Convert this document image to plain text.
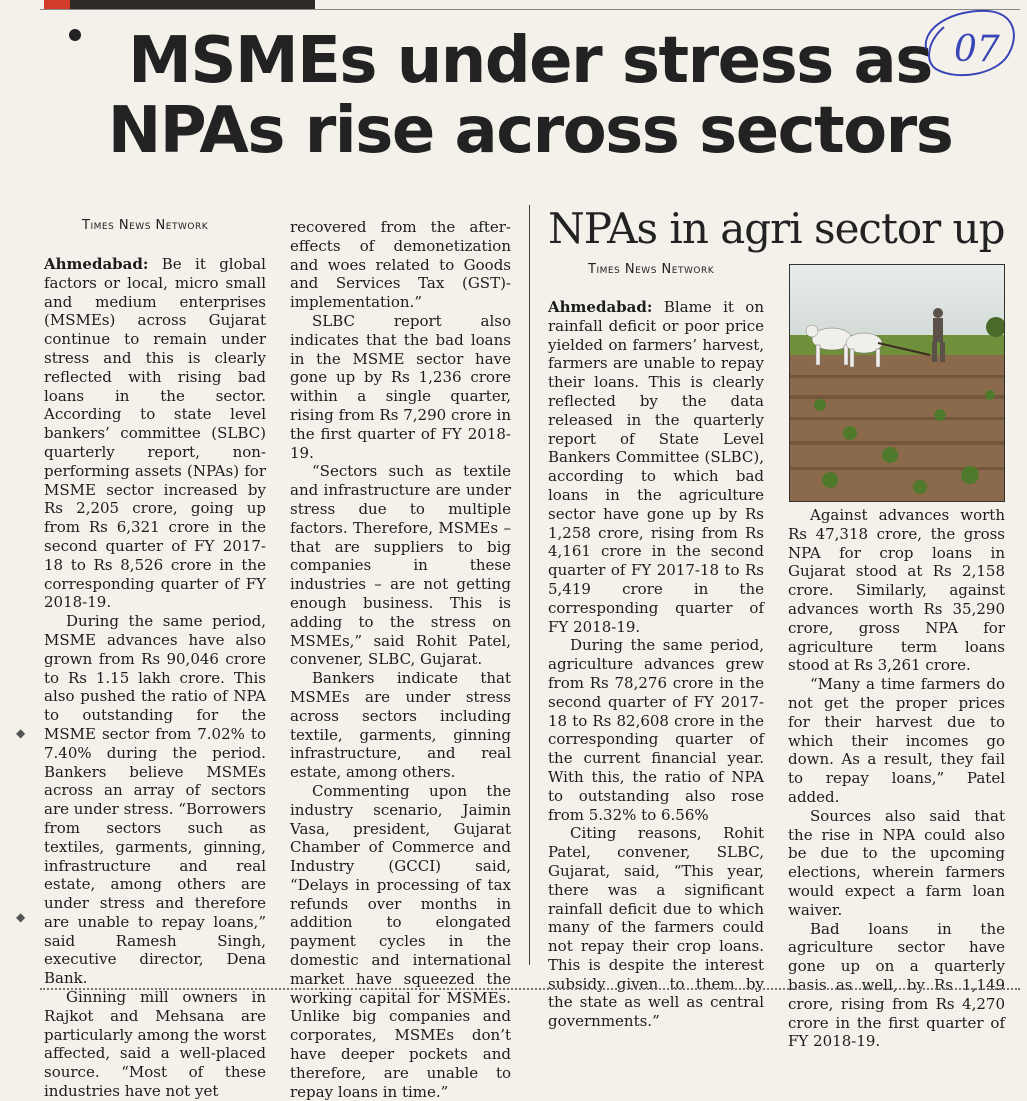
MSMEs under stress as NPAs rise across sectors
07
Times News Network

Ahmedabad: Be it global factors or local, micro small and medium enterprises (MSMEs) across Gujarat continue to remain under stress and this is clearly reflected with rising bad loans in the sector. According to state level bankers’ committee (SLBC) quarterly report, non-performing assets (NPAs) for MSME sector increased by Rs 2,205 crore, going up from Rs 6,321 crore in the second quarter of FY 2017-18 to Rs 8,526 crore in the corresponding quarter of FY 2018-19.

During the same period, MSME advances have also grown from Rs 90,046 crore to Rs 1.15 lakh crore. This also pushed the ratio of NPA to outstanding for the MSME sector from 7.02% to 7.40% during the period. Bankers believe MSMEs across an array of sectors are under stress. “Borrowers from sectors such as textiles, garments, ginning, infrastructure and real estate, among others are under stress and therefore are unable to repay loans,” said Ramesh Singh, executive director, Dena Bank.

Ginning mill owners in Rajkot and Mehsana are particularly among the worst affected, said a well-placed source. “Most of these industries have not yet

recovered from the after-effects of demonetization and woes related to Goods and Services Tax (GST)-implementation.”

SLBC report also indicates that the bad loans in the MSME sector have gone up by Rs 1,236 crore within a single quarter, rising from Rs 7,290 crore in the first quarter of FY 2018-19.

“Sectors such as textile and infrastructure are under stress due to multiple factors. Therefore, MSMEs – that are suppliers to big companies in these industries – are not getting enough business. This is adding to the stress on MSMEs,” said Rohit Patel, convener, SLBC, Gujarat.

Bankers indicate that MSMEs are under stress across sectors including textile, garments, ginning infrastructure, and real estate, among others.

Commenting upon the industry scenario, Jaimin Vasa, president, Gujarat Chamber of Commerce and Industry (GCCI) said, “Delays in processing of tax refunds over months in addition to elongated payment cycles in the domestic and international market have squeezed the working capital for MSMEs. Unlike big companies and corporates, MSMEs don’t have deeper pockets and therefore, are unable to repay loans in time.”

NPAs in agri sector up
Times News Network

Ahmedabad: Blame it on rainfall deficit or poor price yielded on farmers’ harvest, farmers are unable to repay their loans. This is clearly reflected by the data released in the quarterly report of State Level Bankers Committee (SLBC), according to which bad loans in the agriculture sector have gone up by Rs 1,258 crore, rising from Rs 4,161 crore in the second quarter of FY 2017-18 to Rs 5,419 crore in the corresponding quarter of FY 2018-19.

During the same period, agriculture advances grew from Rs 78,276 crore in the second quarter of FY 2017-18 to Rs 82,608 crore in the corresponding quarter of the current financial year. With this, the ratio of NPA to outstanding also rose from 5.32% to 6.56%

Citing reasons, Rohit Patel, convener, SLBC, Gujarat, said, “This year, there was a significant rainfall deficit due to which many of the farmers could not repay their crop loans. This is despite the interest subsidy given to them by the state as well as central governments.”

Against advances worth Rs 47,318 crore, the gross NPA for crop loans in Gujarat stood at Rs 2,158 crore. Similarly, against advances worth Rs 35,290 crore, gross NPA for agriculture term loans stood at Rs 3,261 crore.

“Many a time farmers do not get the proper prices for their harvest due to which their incomes go down. As a result, they fail to repay loans,” Patel added.

Sources also said that the rise in NPA could also be due to the upcoming elections, wherein farmers would expect a farm loan waiver.

Bad loans in the agriculture sector have gone up on a quarterly basis as well, by Rs 1,149 crore, rising from Rs 4,270 crore in the first quarter of FY 2018-19.

◆
◆
